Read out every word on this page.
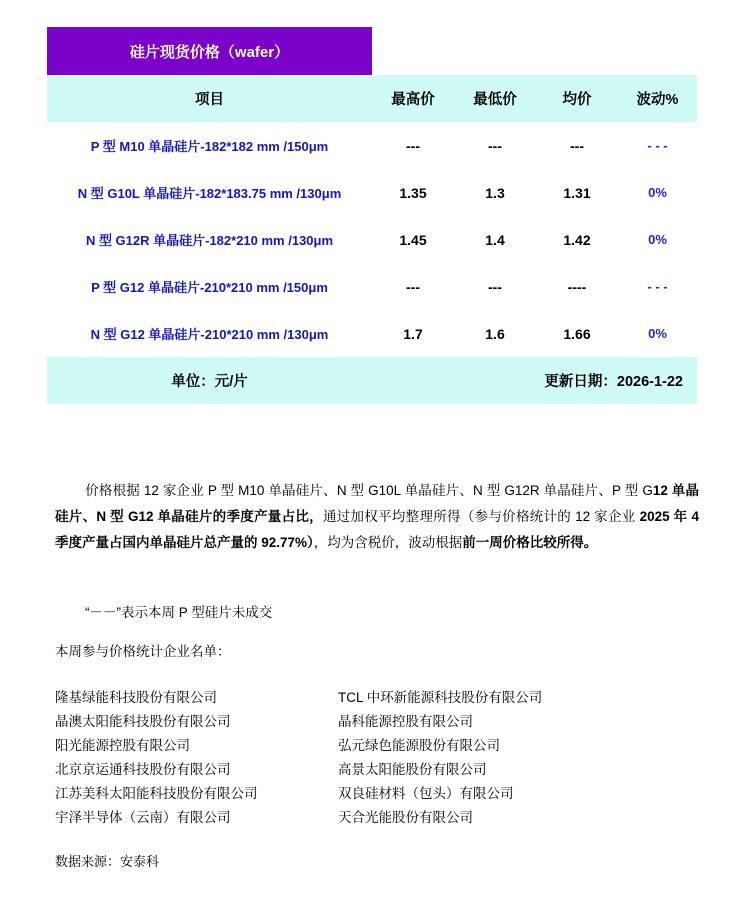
硅片现货价格（wafer）				
项目	最高价	最低价	均价	波动%
P 型 M10 单晶硅片-182*182 mm /150μm	---	---	---	- - -
N 型 G10L 单晶硅片-182*183.75 mm /130μm	1.35	1.3	1.31	0%
N 型 G12R 单晶硅片-182*210 mm /130μm	1.45	1.4	1.42	0%
P 型 G12 单晶硅片-210*210 mm /150μm	---	---	----	- - -
N 型 G12 单晶硅片-210*210 mm /130μm	1.7	1.6	1.66	0%
单位：元/片	更新日期：2026-1-22			
价格根据 12 家企业 P 型 M10 单晶硅片、N 型 G10L 单晶硅片、N 型 G12R 单晶硅片、P 型 G12 单晶硅片、N 型 G12 单晶硅片的季度产量占比，通过加权平均整理所得（参与价格统计的 12 家企业 2025 年 4 季度产量占国内单晶硅片总产量的 92.77%），均为含税价，波动根据前一周价格比较所得。
“－－”表示本周 P 型硅片未成交
本周参与价格统计企业名单：
隆基绿能科技股份有限公司	TCL 中环新能源科技股份有限公司
晶澳太阳能科技股份有限公司	晶科能源控股有限公司
阳光能源控股有限公司	弘元绿色能源股份有限公司
北京京运通科技股份有限公司	高景太阳能股份有限公司
江苏美科太阳能科技股份有限公司	双良硅材料（包头）有限公司
宇泽半导体（云南）有限公司	天合光能股份有限公司
数据来源：安泰科
